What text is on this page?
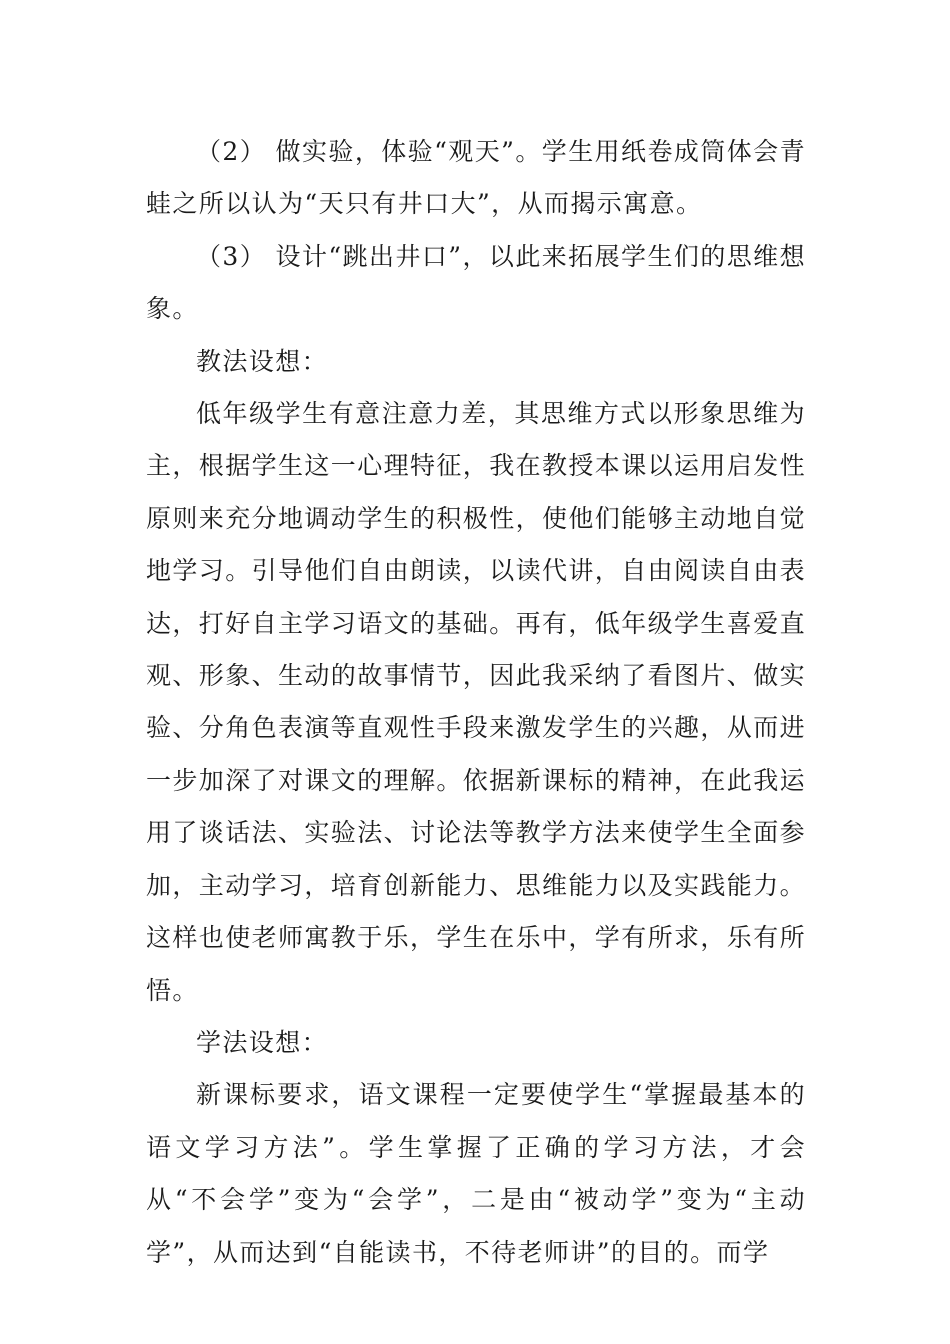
（2） 做实验，体验“观天”。学生用纸卷成筒体会青蛙之所以认为“天只有井口大”，从而揭示寓意。

（3） 设计“跳出井口”，以此来拓展学生们的思维想象。

教法设想：

低年级学生有意注意力差，其思维方式以形象思维为主，根据学生这一心理特征，我在教授本课以运用启发性原则来充分地调动学生的积极性，使他们能够主动地自觉地学习。引导他们自由朗读，以读代讲，自由阅读自由表达，打好自主学习语文的基础。再有，低年级学生喜爱直观、形象、生动的故事情节，因此我采纳了看图片、做实验、分角色表演等直观性手段来激发学生的兴趣，从而进一步加深了对课文的理解。依据新课标的精神，在此我运用了谈话法、实验法、讨论法等教学方法来使学生全面参加，主动学习，培育创新能力、思维能力以及实践能力。这样也使老师寓教于乐，学生在乐中，学有所求，乐有所悟。

学法设想：

新课标要求，语文课程一定要使学生“掌握最基本的语文学习方法”。学生掌握了正确的学习方法，才会从“不会学”变为“会学”，二是由“被动学”变为“主动学”，从而达到“自能读书，不待老师讲”的目的。而学
